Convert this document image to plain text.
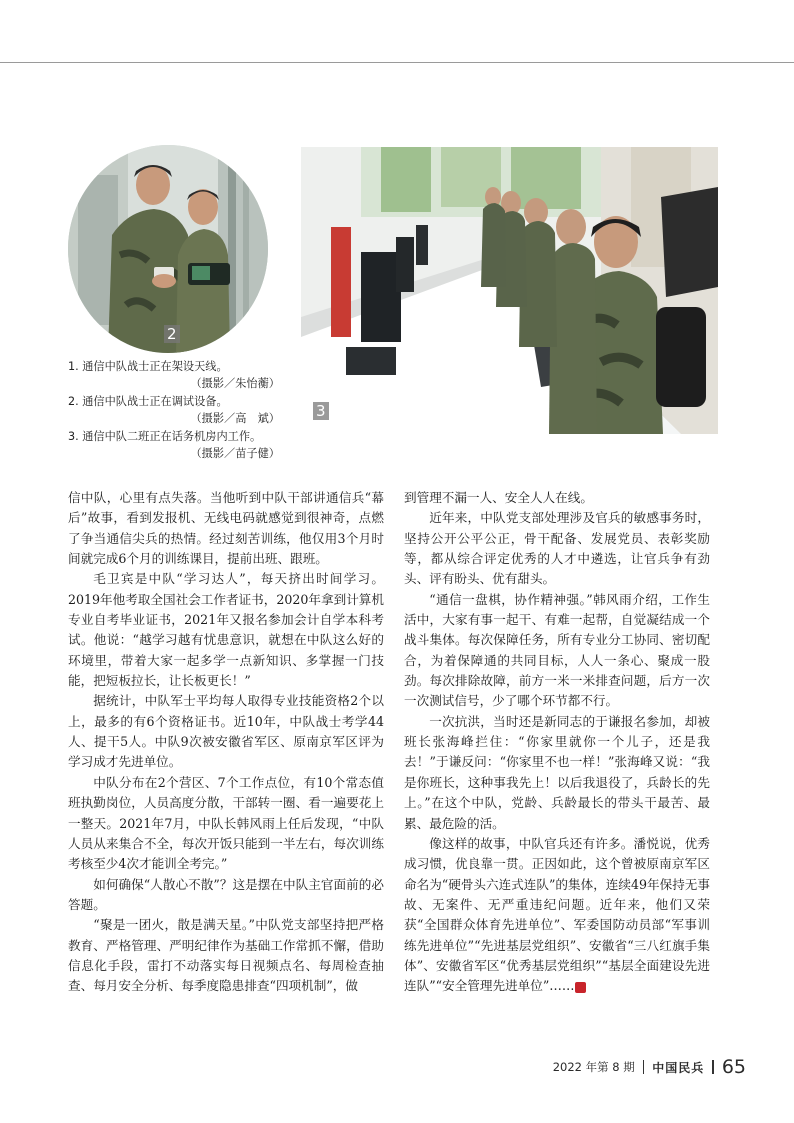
2
3
1. 通信中队战士正在架设天线。
（摄影／朱怡蘅）
2. 通信中队战士正在调试设备。
（摄影／高　斌）
3. 通信中队二班正在话务机房内工作。
（摄影／苗子健）

信中队，心里有点失落。当他听到中队干部讲通信兵“幕后”故事，看到发报机、无线电码就感觉到很神奇，点燃了争当通信尖兵的热情。经过刻苦训练，他仅用3个月时间就完成6个月的训练课目，提前出班、跟班。

毛卫宾是中队“学习达人”，每天挤出时间学习。2019年他考取全国社会工作者证书，2020年拿到计算机专业自考毕业证书，2021年又报名参加会计自学本科考试。他说：“越学习越有忧患意识，就想在中队这么好的环境里，带着大家一起多学一点新知识、多掌握一门技能，把短板拉长，让长板更长！”

据统计，中队军士平均每人取得专业技能资格2个以上，最多的有6个资格证书。近10年，中队战士考学44人、提干5人。中队9次被安徽省军区、原南京军区评为学习成才先进单位。

中队分布在2个营区、7个工作点位，有10个常态值班执勤岗位，人员高度分散，干部转一圈、看一遍要花上一整天。2021年7月，中队长韩风雨上任后发现，“中队人员从来集合不全，每次开饭只能到一半左右，每次训练考核至少4次才能训全考完。”

如何确保“人散心不散”？这是摆在中队主官面前的必答题。

“聚是一团火，散是满天星。”中队党支部坚持把严格教育、严格管理、严明纪律作为基础工作常抓不懈，借助信息化手段，雷打不动落实每日视频点名、每周检查抽查、每月安全分析、每季度隐患排查“四项机制”，做

到管理不漏一人、安全人人在线。

近年来，中队党支部处理涉及官兵的敏感事务时，坚持公开公平公正，骨干配备、发展党员、表彰奖励等，都从综合评定优秀的人才中遴选，让官兵争有劲头、评有盼头、优有甜头。

“通信一盘棋，协作精神强。”韩风雨介绍，工作生活中，大家有事一起干、有难一起帮，自觉凝结成一个战斗集体。每次保障任务，所有专业分工协同、密切配合，为着保障通的共同目标，人人一条心、聚成一股劲。每次排除故障，前方一米一米排查问题，后方一次一次测试信号，少了哪个环节都不行。

一次抗洪，当时还是新同志的于谦报名参加，却被班长张海峰拦住：“你家里就你一个儿子，还是我去！”于谦反问：“你家里不也一样！”张海峰又说：“我是你班长，这种事我先上！以后我退役了，兵龄长的先上。”在这个中队，党龄、兵龄最长的带头干最苦、最累、最危险的活。

像这样的故事，中队官兵还有许多。潘悦说，优秀成习惯，优良靠一贯。正因如此，这个曾被原南京军区命名为“硬骨头六连式连队”的集体，连续49年保持无事故、无案件、无严重违纪问题。近年来，他们又荣获“全国群众体育先进单位”、军委国防动员部“军事训练先进单位”“先进基层党组织”、安徽省“三八红旗手集体”、安徽省军区“优秀基层党组织”“基层全面建设先进连队”“安全管理先进单位”……	兵

2022 年第 8 期 中国民兵 65
